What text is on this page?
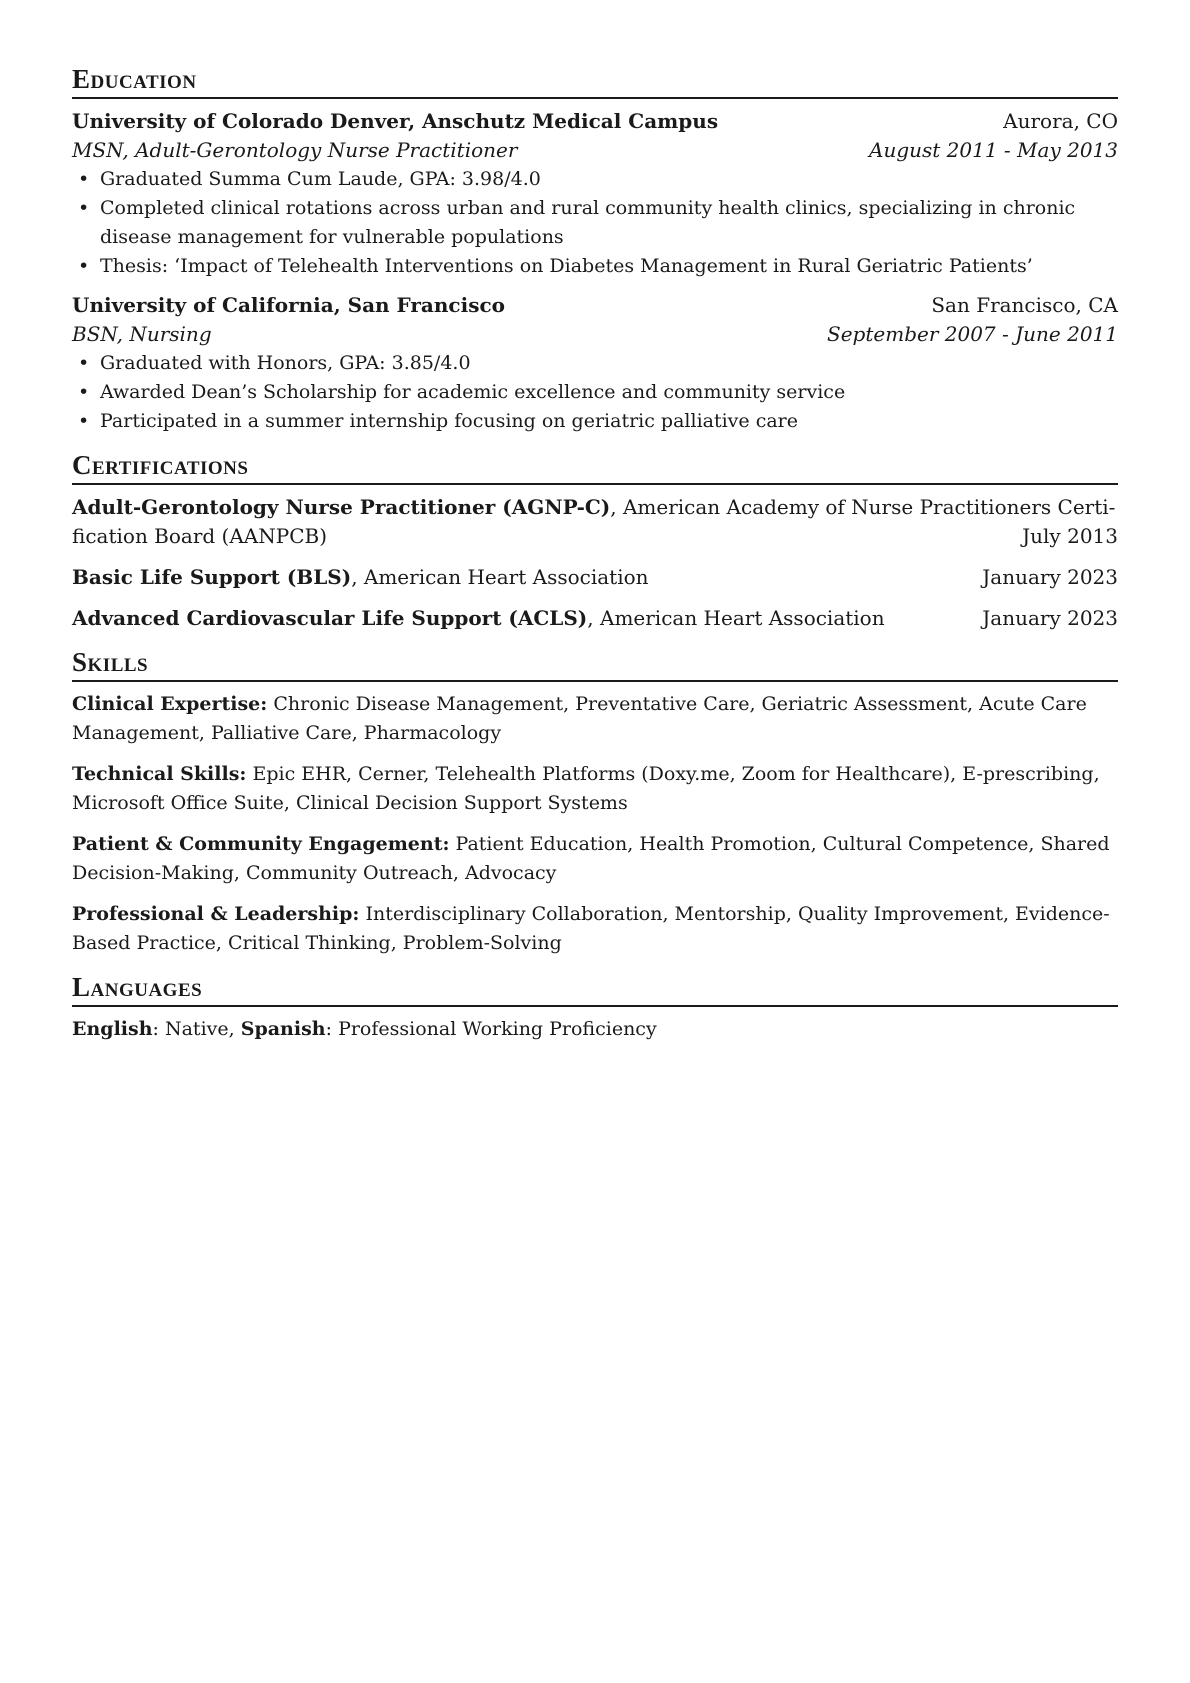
Education
University of Colorado Denver, Anschutz Medical Campus	Aurora, CO
MSN, Adult-Gerontology Nurse Practitioner	August 2011 - May 2013
• Graduated Summa Cum Laude, GPA: 3.98/4.0
• Completed clinical rotations across urban and rural community health clinics, specializing in chronic disease management for vulnerable populations
• Thesis: ‘Impact of Telehealth Interventions on Diabetes Management in Rural Geriatric Patients’
University of California, San Francisco	San Francisco, CA
BSN, Nursing	September 2007 - June 2011
• Graduated with Honors, GPA: 3.85/4.0
• Awarded Dean’s Scholarship for academic excellence and community service
• Participated in a summer internship focusing on geriatric palliative care
Certifications
Adult-Gerontology Nurse Practitioner (AGNP-C), American Academy of Nurse Practitioners Certi-
fication Board (AANPCB)	July 2013
Basic Life Support (BLS), American Heart Association	January 2023
Advanced Cardiovascular Life Support (ACLS), American Heart Association	January 2023
Skills
Clinical Expertise: Chronic Disease Management, Preventative Care, Geriatric Assessment, Acute Care Management, Palliative Care, Pharmacology
Technical Skills: Epic EHR, Cerner, Telehealth Platforms (Doxy.me, Zoom for Healthcare), E-prescribing, Microsoft Office Suite, Clinical Decision Support Systems
Patient & Community Engagement: Patient Education, Health Promotion, Cultural Competence, Shared Decision-Making, Community Outreach, Advocacy
Professional & Leadership: Interdisciplinary Collaboration, Mentorship, Quality Improvement, Evidence-Based Practice, Critical Thinking, Problem-Solving
Languages
English: Native, Spanish: Professional Working Proficiency
